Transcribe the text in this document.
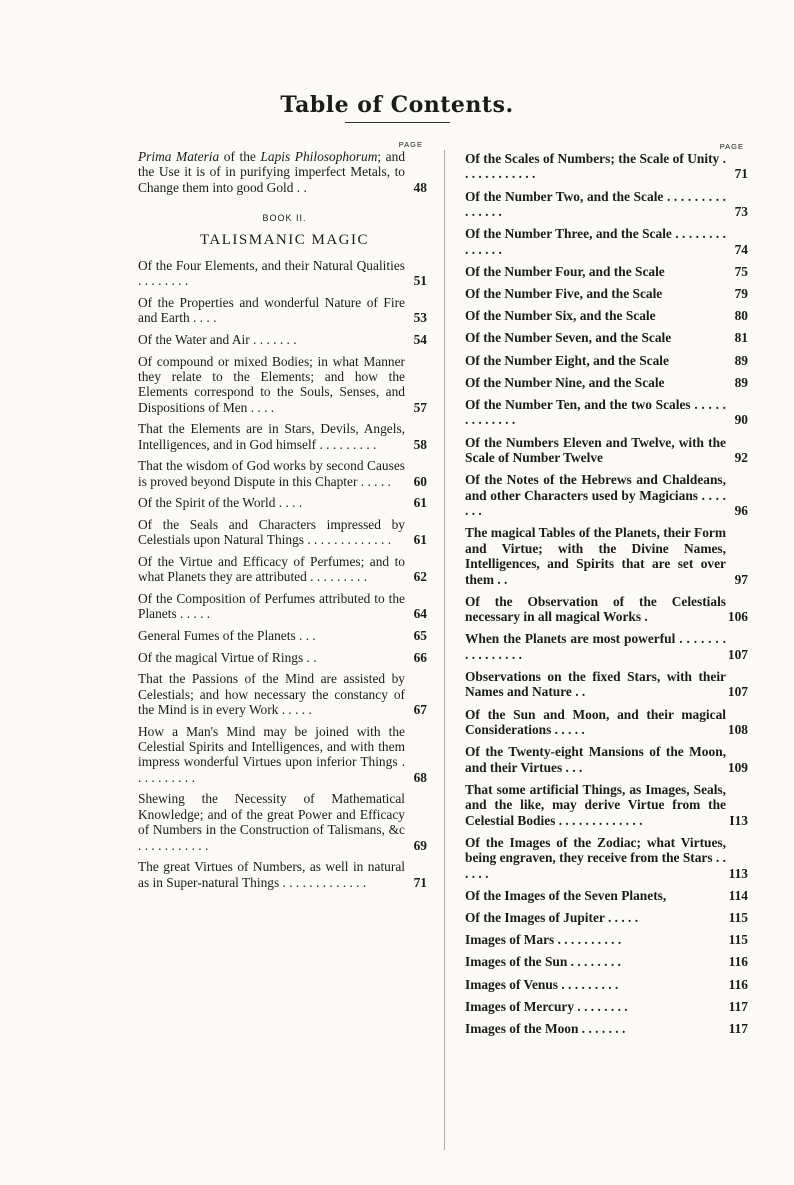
Table of Contents.
PAGE
Prima Materia of the Lapis Philosophorum; and the Use it is of in purifying imperfect Metals, to Change them into good Gold . .	48
BOOK II.
TALISMANIC MAGIC
Of the Four Elements, and their Natural Qualities . . . . . . . .	51
Of the Properties and wonderful Nature of Fire and Earth . . . .	53
Of the Water and Air . . . . . . .	54
Of compound or mixed Bodies; in what Manner they relate to the Elements; and how the Elements correspond to the Souls, Senses, and Dispositions of Men . . . .	57
That the Elements are in Stars, Devils, Angels, Intelligences, and in God himself . . . . . . . . .	58
That the wisdom of God works by second Causes is proved beyond Dispute in this Chapter . . . . .	60
Of the Spirit of the World . . . .	61
Of the Seals and Characters impressed by Celestials upon Natural Things . . . . . . . . . . . . .	61
Of the Virtue and Efficacy of Perfumes; and to what Planets they are attributed . . . . . . . . .	62
Of the Composition of Perfumes attributed to the Planets . . . . .	64
General Fumes of the Planets . . .	65
Of the magical Virtue of Rings . .	66
That the Passions of the Mind are assisted by Celestials; and how necessary the constancy of the Mind is in every Work . . . . .	67
How a Man's Mind may be joined with the Celestial Spirits and Intelligences, and with them impress wonderful Virtues upon inferior Things . . . . . . . . . .	68
Shewing the Necessity of Mathematical Knowledge; and of the great Power and Efficacy of Numbers in the Construction of Talismans, &c . . . . . . . . . . .	69
The great Virtues of Numbers, as well in natural as in Super-natural Things . . . . . . . . . . . . .	71
PAGE
Of the Scales of Numbers; the Scale of Unity . . . . . . . . . . . .	71
Of the Number Two, and the Scale . . . . . . . . . . . . . . .	73
Of the Number Three, and the Scale . . . . . . . . . . . . . .	74
Of the Number Four, and the Scale	75
Of the Number Five, and the Scale	79
Of the Number Six, and the Scale	80
Of the Number Seven, and the Scale	81
Of the Number Eight, and the Scale	89
Of the Number Nine, and the Scale	89
Of the Number Ten, and the two Scales . . . . . . . . . . . . .	90
Of the Numbers Eleven and Twelve, with the Scale of Number Twelve	92
Of the Notes of the Hebrews and Chaldeans, and other Characters used by Magicians . . . . . . .	96
The magical Tables of the Planets, their Form and Virtue; with the Divine Names, Intelligences, and Spirits that are set over them . .	97
Of the Observation of the Celestials necessary in all magical Works .	106
When the Planets are most powerful . . . . . . . . . . . . . . . .	107
Observations on the fixed Stars, with their Names and Nature . .	107
Of the Sun and Moon, and their magical Considerations . . . . .	108
Of the Twenty-eight Mansions of the Moon, and their Virtues . . .	109
That some artificial Things, as Images, Seals, and the like, may derive Virtue from the Celestial Bodies . . . . . . . . . . . . .	I13
Of the Images of the Zodiac; what Virtues, being engraven, they receive from the Stars . . . . . .	113
Of the Images of the Seven Planets,	114
Of the Images of Jupiter . . . . .	115
Images of Mars . . . . . . . . . .	115
Images of the Sun . . . . . . . .	116
Images of Venus . . . . . . . . .	116
Images of Mercury . . . . . . . .	117
Images of the Moon . . . . . . .	117
